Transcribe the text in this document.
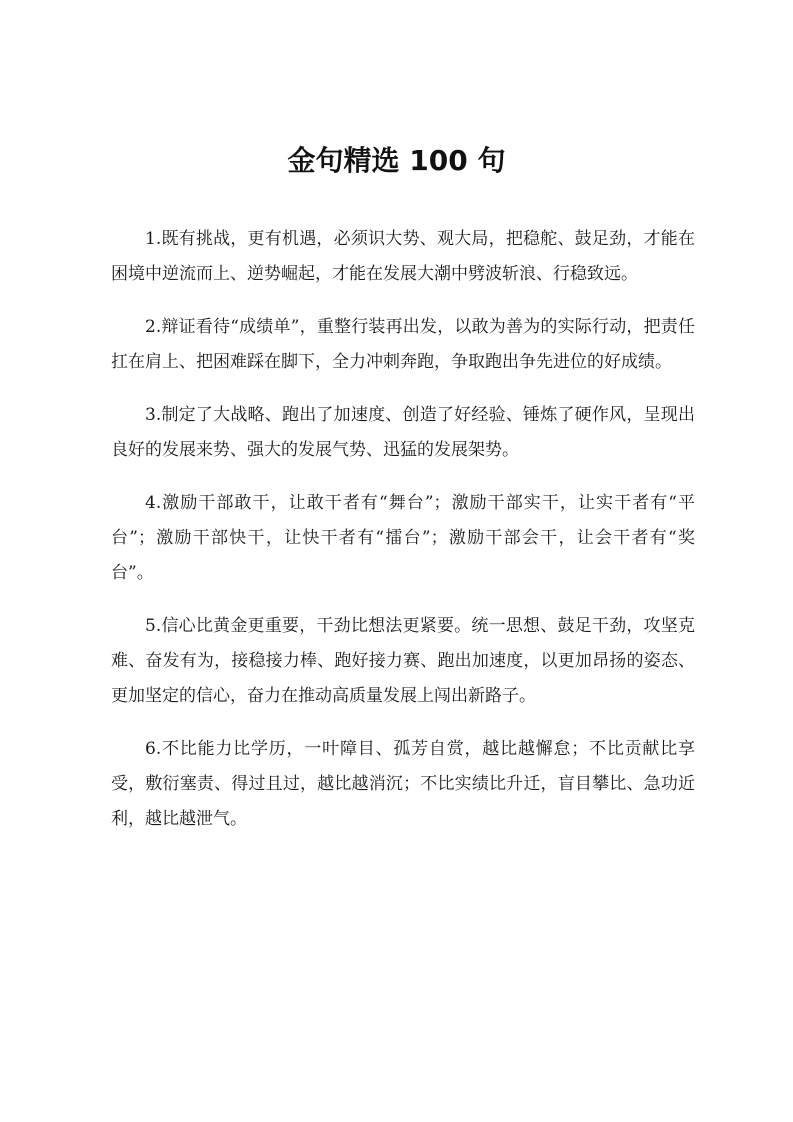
金句精选 100 句

1.既有挑战，更有机遇，必须识大势、观大局，把稳舵、鼓足劲，才能在困境中逆流而上、逆势崛起，才能在发展大潮中劈波斩浪、行稳致远。

2.辩证看待“成绩单”，重整行装再出发，以敢为善为的实际行动，把责任扛在肩上、把困难踩在脚下，全力冲刺奔跑，争取跑出争先进位的好成绩。

3.制定了大战略、跑出了加速度、创造了好经验、锤炼了硬作风，呈现出良好的发展来势、强大的发展气势、迅猛的发展架势。

4.激励干部敢干，让敢干者有“舞台”；激励干部实干，让实干者有“平台”；激励干部快干，让快干者有“擂台”；激励干部会干，让会干者有“奖台”。

5.信心比黄金更重要，干劲比想法更紧要。统一思想、鼓足干劲，攻坚克难、奋发有为，接稳接力棒、跑好接力赛、跑出加速度，以更加昂扬的姿态、更加坚定的信心，奋力在推动高质量发展上闯出新路子。

6.不比能力比学历，一叶障目、孤芳自赏，越比越懈怠；不比贡献比享受，敷衍塞责、得过且过，越比越消沉；不比实绩比升迁，盲目攀比、急功近利，越比越泄气。
